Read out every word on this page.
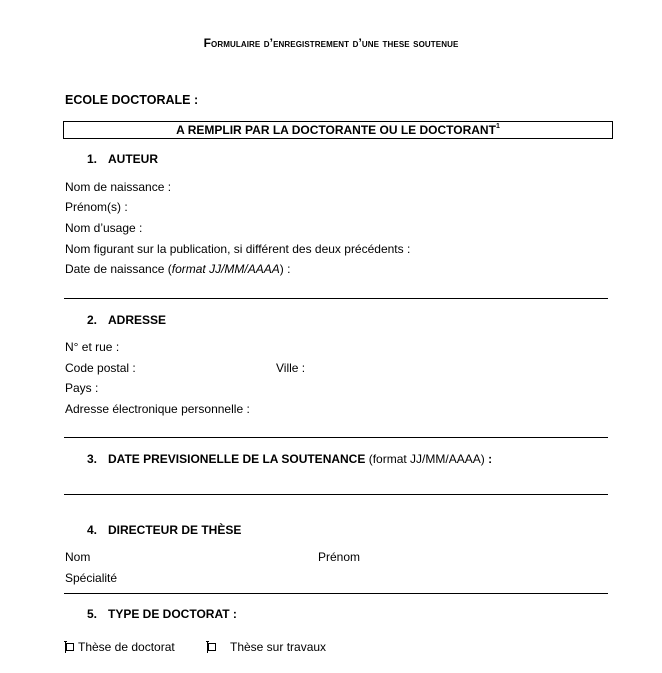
Formulaire d’enregistrement d’une these soutenue
ECOLE DOCTORALE :
A REMPLIR PAR LA DOCTORANTE OU LE DOCTORANT$^1$
1. AUTEUR
Nom de naissance :
Prénom(s) :
Nom d’usage :
Nom figurant sur la publication, si différent des deux précédents :
Date de naissance (format JJ/MM/AAAA) :
2. ADRESSE
N° et rue :
Code postal :	Ville :
Pays :
Adresse électronique personnelle :
3. DATE PREVISIONELLE DE LA SOUTENANCE (format JJ/MM/AAAA) :
4. DIRECTEUR DE THÈSE
Nom	Prénom
Spécialité
5. TYPE DE DOCTORAT :
Thèse de doctorat	Thèse sur travaux
